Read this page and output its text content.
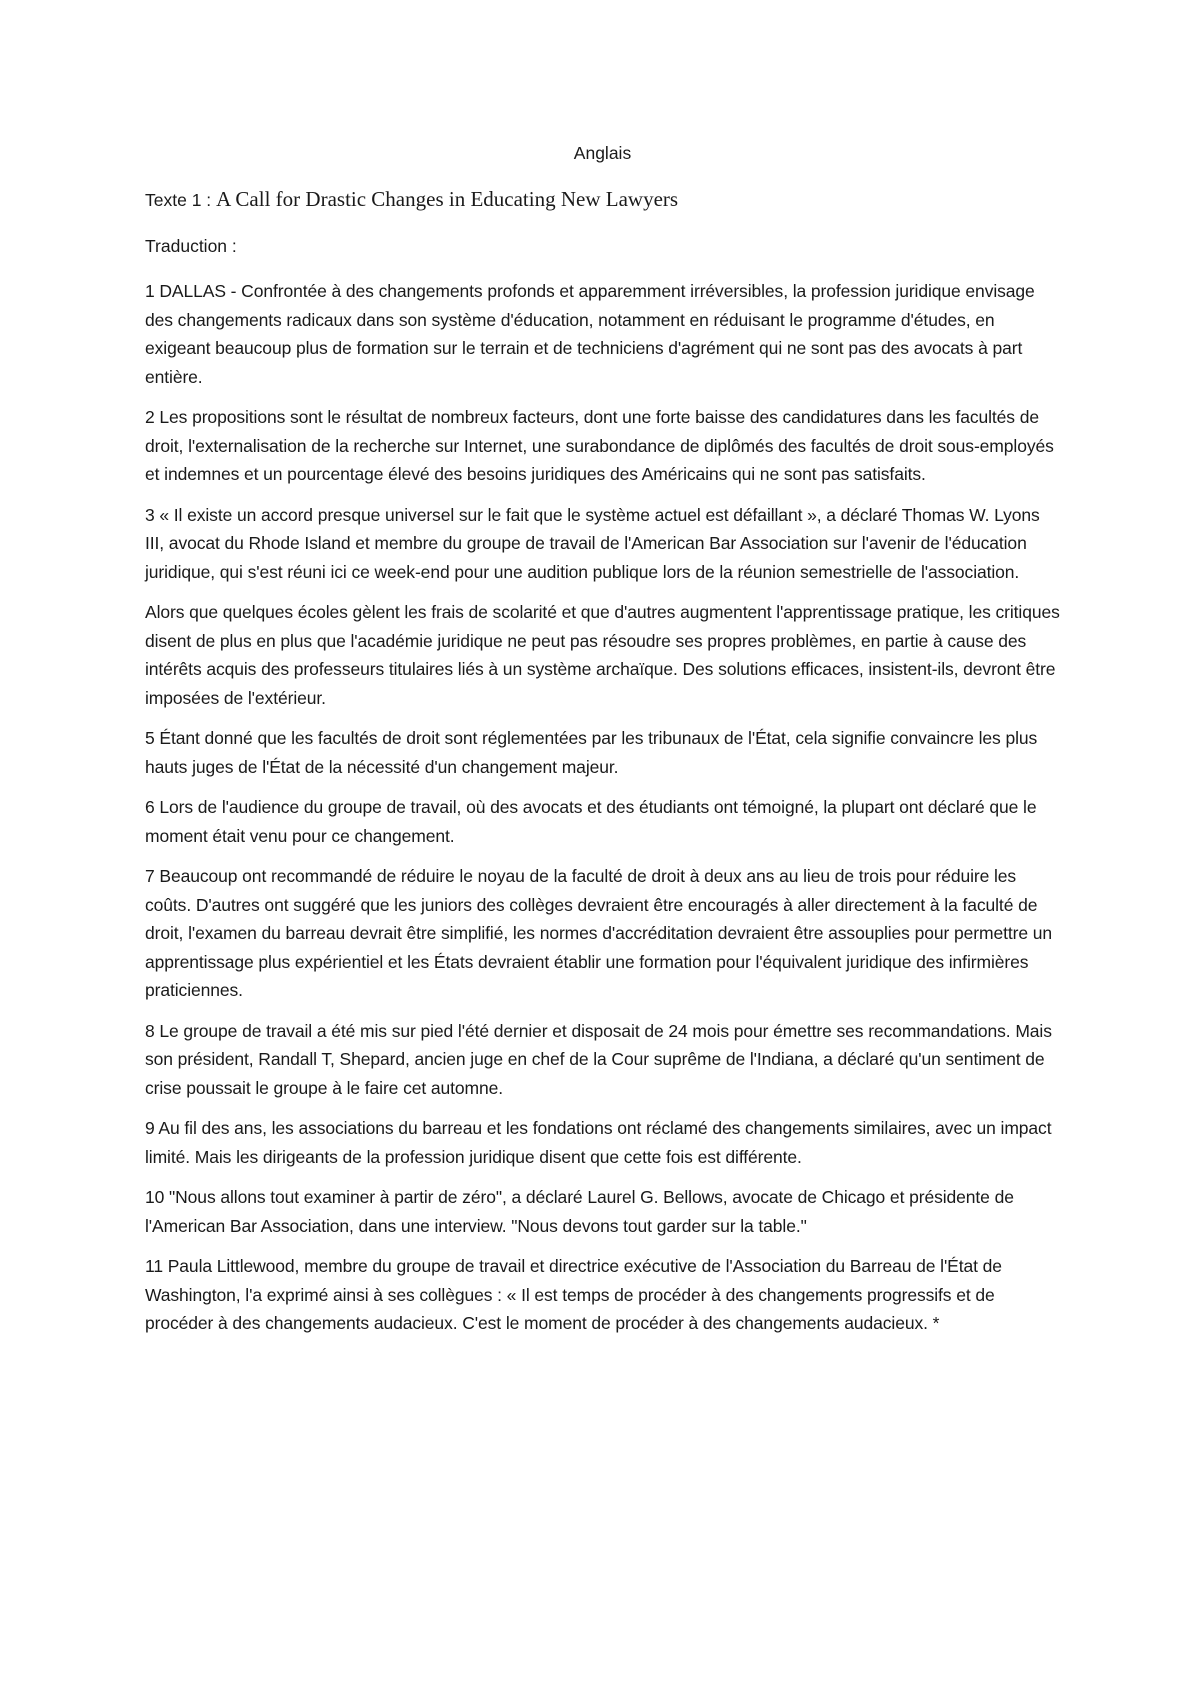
Anglais
Texte 1 : A Call for Drastic Changes in Educating New Lawyers
Traduction :

1 DALLAS - Confrontée à des changements profonds et apparemment irréversibles, la profession juridique envisage des changements radicaux dans son système d'éducation, notamment en réduisant le programme d'études, en exigeant beaucoup plus de formation sur le terrain et de techniciens d'agrément qui ne sont pas des avocats à part entière.

2 Les propositions sont le résultat de nombreux facteurs, dont une forte baisse des candidatures dans les facultés de droit, l'externalisation de la recherche sur Internet, une surabondance de diplômés des facultés de droit sous-employés et indemnes et un pourcentage élevé des besoins juridiques des Américains qui ne sont pas satisfaits.

3 « Il existe un accord presque universel sur le fait que le système actuel est défaillant », a déclaré Thomas W. Lyons III, avocat du Rhode Island et membre du groupe de travail de l'American Bar Association sur l'avenir de l'éducation juridique, qui s'est réuni ici ce week-end pour une audition publique lors de la réunion semestrielle de l'association.

Alors que quelques écoles gèlent les frais de scolarité et que d'autres augmentent l'apprentissage pratique, les critiques disent de plus en plus que l'académie juridique ne peut pas résoudre ses propres problèmes, en partie à cause des intérêts acquis des professeurs titulaires liés à un système archaïque. Des solutions efficaces, insistent-ils, devront être imposées de l'extérieur.

5 Étant donné que les facultés de droit sont réglementées par les tribunaux de l'État, cela signifie convaincre les plus hauts juges de l'État de la nécessité d'un changement majeur.

6 Lors de l'audience du groupe de travail, où des avocats et des étudiants ont témoigné, la plupart ont déclaré que le moment était venu pour ce changement.

7 Beaucoup ont recommandé de réduire le noyau de la faculté de droit à deux ans au lieu de trois pour réduire les coûts. D'autres ont suggéré que les juniors des collèges devraient être encouragés à aller directement à la faculté de droit, l'examen du barreau devrait être simplifié, les normes d'accréditation devraient être assouplies pour permettre un apprentissage plus expérientiel et les États devraient établir une formation pour l'équivalent juridique des infirmières praticiennes.

8 Le groupe de travail a été mis sur pied l'été dernier et disposait de 24 mois pour émettre ses recommandations. Mais son président, Randall T, Shepard, ancien juge en chef de la Cour suprême de l'Indiana, a déclaré qu'un sentiment de crise poussait le groupe à le faire cet automne.

9 Au fil des ans, les associations du barreau et les fondations ont réclamé des changements similaires, avec un impact limité. Mais les dirigeants de la profession juridique disent que cette fois est différente.

10 "Nous allons tout examiner à partir de zéro", a déclaré Laurel G. Bellows, avocate de Chicago et présidente de l'American Bar Association, dans une interview. "Nous devons tout garder sur la table."

11 Paula Littlewood, membre du groupe de travail et directrice exécutive de l'Association du Barreau de l'État de Washington, l'a exprimé ainsi à ses collègues : « Il est temps de procéder à des changements progressifs et de procéder à des changements audacieux. C'est le moment de procéder à des changements audacieux. *
